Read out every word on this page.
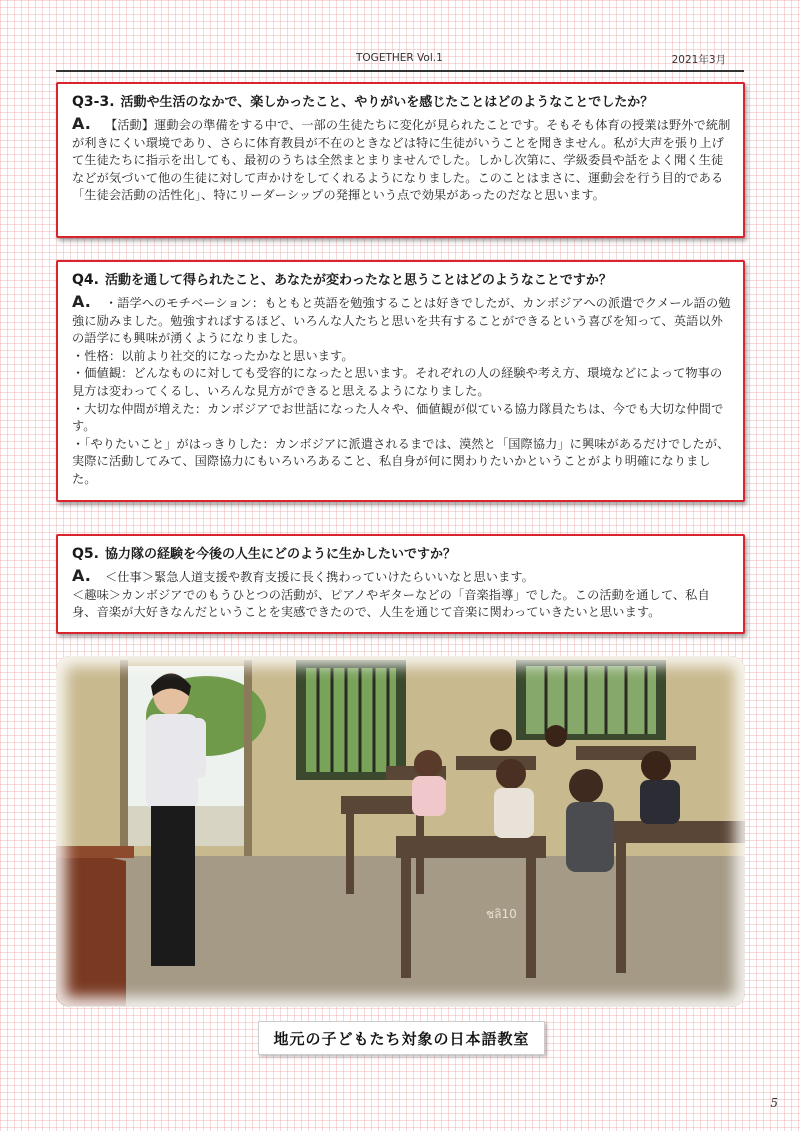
TOGETHER Vol.1	2021年3月
Q3-3. 活動や生活のなかで、楽しかったこと、やりがいを感じたことはどのようなことでしたか？

A. 【活動】運動会の準備をする中で、一部の生徒たちに変化が見られたことです。そもそも体育の授業は野外で統制が利きにくい環境であり、さらに体育教員が不在のときなどは特に生徒がいうことを聞きません。私が大声を張り上げて生徒たちに指示を出しても、最初のうちは全然まとまりませんでした。しかし次第に、学級委員や話をよく聞く生徒などが気づいて他の生徒に対して声かけをしてくれるようになりました。このことはまさに、運動会を行う目的である「生徒会活動の活性化」、特にリーダーシップの発揮という点で効果があったのだなと思います。

Q4. 活動を通して得られたこと、あなたが変わったなと思うことはどのようなことですか？

A. ・語学へのモチベーション：もともと英語を勉強することは好きでしたが、カンボジアへの派遣でクメール語の勉強に励みました。勉強すればするほど、いろんな人たちと思いを共有することができるという喜びを知って、英語以外の語学にも興味が湧くようになりました。

・性格：以前より社交的になったかなと思います。

・価値観：どんなものに対しても受容的になったと思います。それぞれの人の経験や考え方、環境などによって物事の見方は変わってくるし、いろんな見方ができると思えるようになりました。

・大切な仲間が増えた：カンボジアでお世話になった人々や、価値観が似ている協力隊員たちは、今でも大切な仲間です。

・「やりたいこと」がはっきりした：カンボジアに派遣されるまでは、漠然と「国際協力」に興味があるだけでしたが、実際に活動してみて、国際協力にもいろいろあること、私自身が何に関わりたいかということがより明確になりました。

Q5. 協力隊の経験を今後の人生にどのように生かしたいですか？

A. ＜仕事＞緊急人道支援や教育支援に長く携わっていけたらいいなと思います。

＜趣味＞カンボジアでのもうひとつの活動が、ピアノやギターなどの「音楽指導」でした。この活動を通して、私自身、音楽が大好きなんだということを実感できたので、人生を通じて音楽に関わっていきたいと思います。

ชลิ10
地元の子どもたち対象の日本語教室
5
